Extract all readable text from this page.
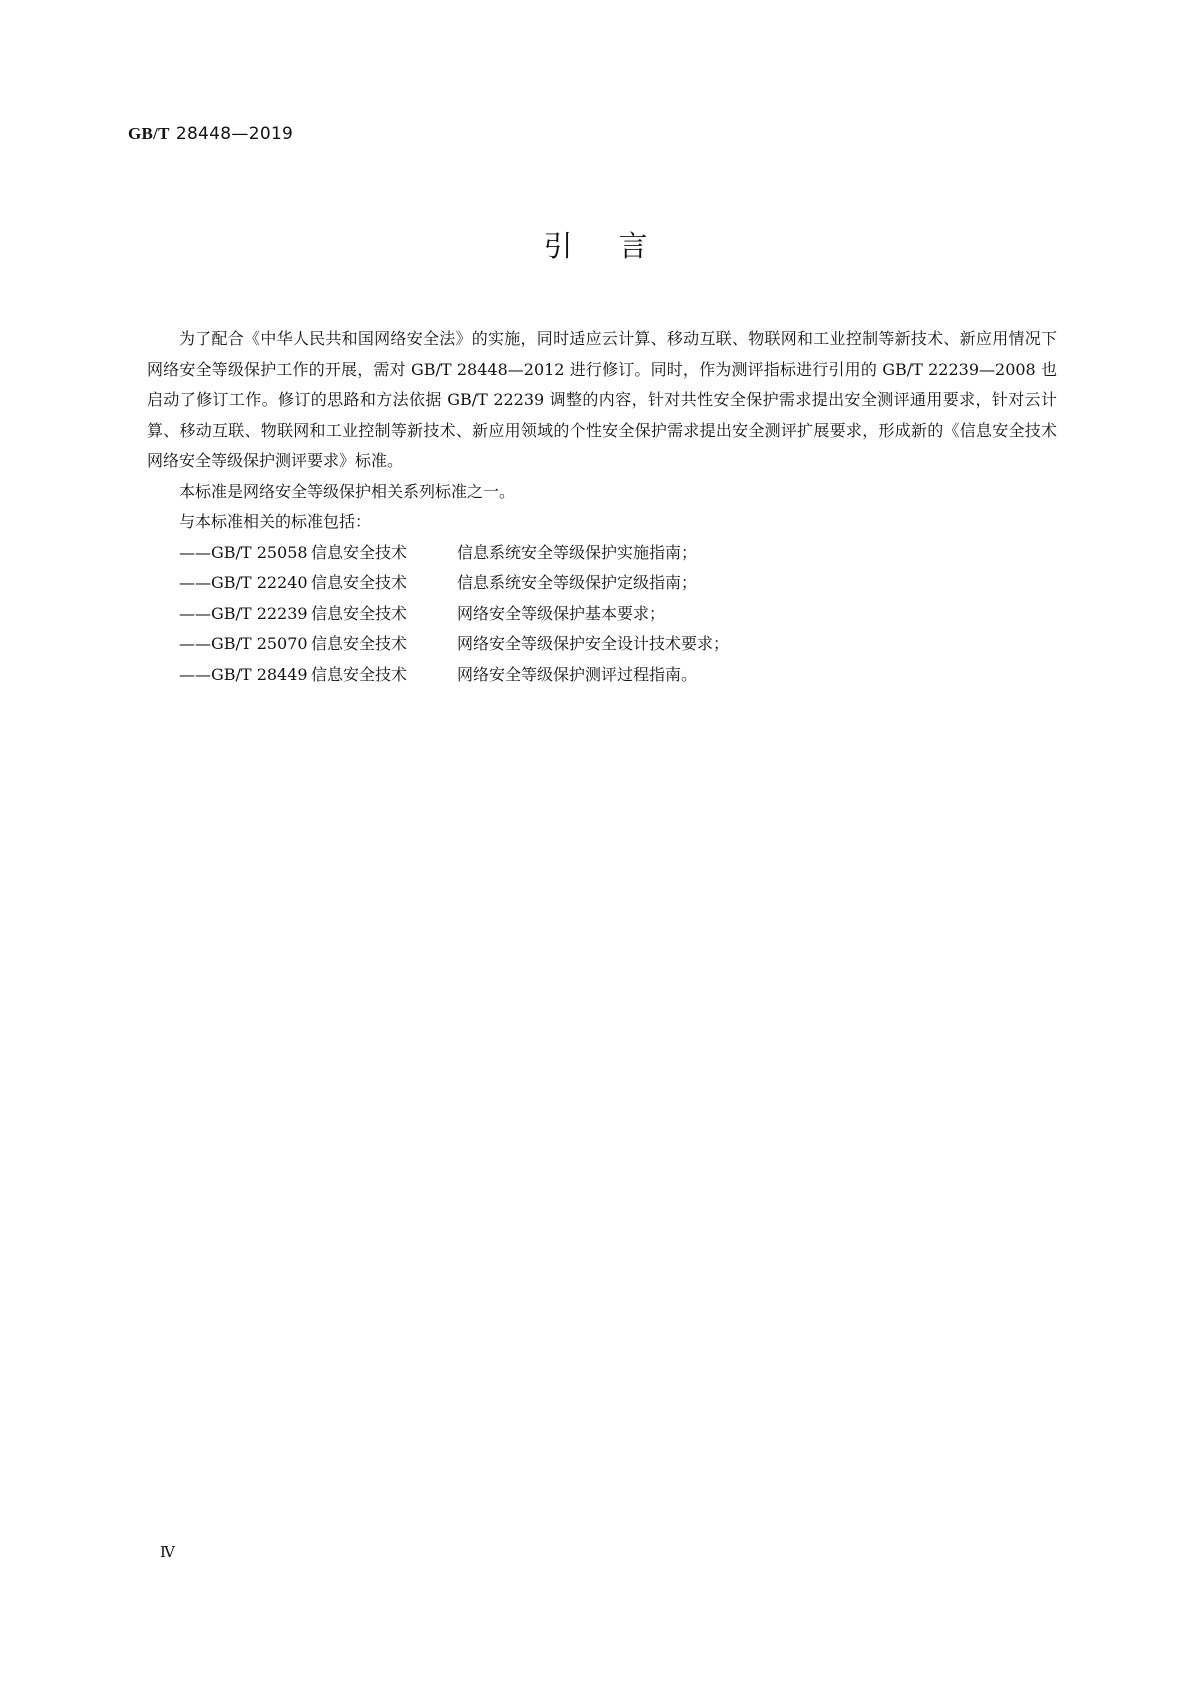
GB/T 28448—2019
引言

为了配合《中华人民共和国网络安全法》的实施，同时适应云计算、移动互联、物联网和工业控制等新技术、新应用情况下网络安全等级保护工作的开展，需对 GB/T 28448—2012 进行修订。同时，作为测评指标进行引用的 GB/T 22239—2008 也启动了修订工作。修订的思路和方法依据 GB/T 22239 调整的内容，针对共性安全保护需求提出安全测评通用要求，针对云计算、移动互联、物联网和工业控制等新技术、新应用领域的个性安全保护需求提出安全测评扩展要求，形成新的《信息安全技术　网络安全等级保护测评要求》标准。

本标准是网络安全等级保护相关系列标准之一。

与本标准相关的标准包括：

——GB/T 25058 信息安全技术	信息系统安全等级保护实施指南；
——GB/T 22240 信息安全技术	信息系统安全等级保护定级指南；
——GB/T 22239 信息安全技术	网络安全等级保护基本要求；
——GB/T 25070 信息安全技术	网络安全等级保护安全设计技术要求；
——GB/T 28449 信息安全技术	网络安全等级保护测评过程指南。
Ⅳ
